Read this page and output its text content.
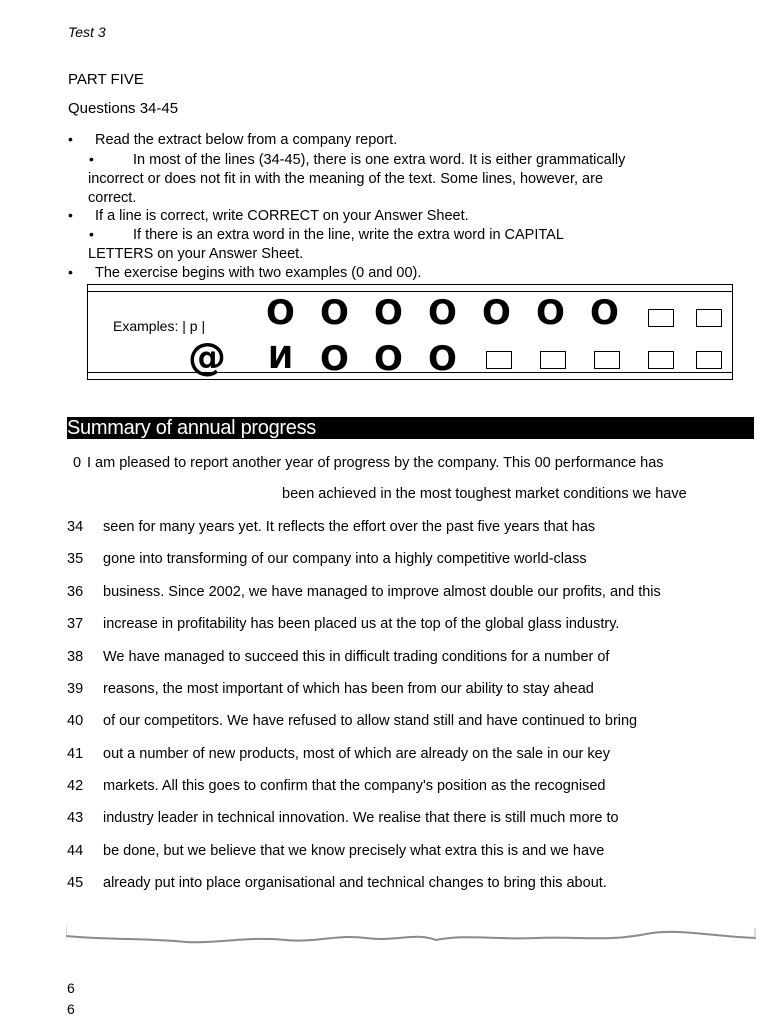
Test 3
PART FIVE
Questions 34-45
• Read the extract below from a company report.
•	In most of the lines (34-45), there is one extra word. It is either grammatically
incorrect or does not fit in with the meaning of the text. Some lines, however, are
correct.
• If a line is correct, write CORRECT on your Answer Sheet.
•	If there is an extra word in the line, write the extra word in CAPITAL
LETTERS on your Answer Sheet.
• The exercise begins with two examples (0 and 00).
Examples: | p | O O O O O O O
@ И O O O
Summary of annual progress
0 I am pleased to report another year of progress by the company. This 00 performance has
been achieved in the most toughest market conditions we have
34 seen for many years yet. It reflects the effort over the past five years that has
35 gone into transforming of our company into a highly competitive world-class
36 business. Since 2002, we have managed to improve almost double our profits, and this
37 increase in profitability has been placed us at the top of the global glass industry.
38 We have managed to succeed this in difficult trading conditions for a number of
39 reasons, the most important of which has been from our ability to stay ahead
40 of our competitors. We have refused to allow stand still and have continued to bring
41 out a number of new products, most of which are already on the sale in our key
42 markets. All this goes to confirm that the company's position as the recognised
43 industry leader in technical innovation. We realise that there is still much more to
44 be done, but we believe that we know precisely what extra this is and we have
45 already put into place organisational and technical changes to bring this about.
6
6
